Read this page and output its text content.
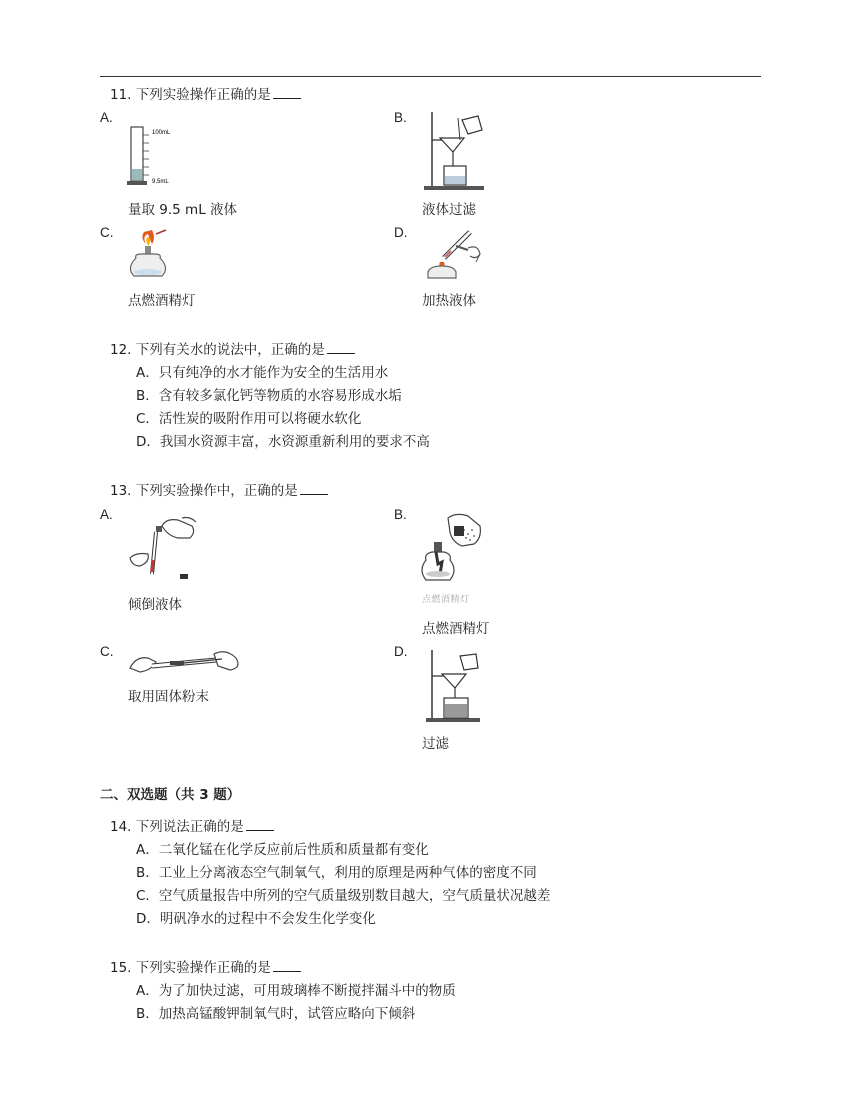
11. 下列实验操作正确的是
A.
100mL
9.5mL
量取 9.5 mL 液体
B.
液体过滤
C.
点燃酒精灯
D.
加热液体
12. 下列有关水的说法中，正确的是
A．只有纯净的水才能作为安全的生活用水
B．含有较多氯化钙等物质的水容易形成水垢
C．活性炭的吸附作用可以将硬水软化
D．我国水资源丰富，水资源重新利用的要求不高
13. 下列实验操作中，正确的是
A.
倾倒液体
B.
点燃酒精灯
点燃酒精灯
C.
取用固体粉末
D.
过滤
二、双选题（共 3 题）
14. 下列说法正确的是
A．二氧化锰在化学反应前后性质和质量都有变化
B．工业上分离液态空气制氧气，利用的原理是两种气体的密度不同
C．空气质量报告中所列的空气质量级别数目越大，空气质量状况越差
D．明矾净水的过程中不会发生化学变化
15. 下列实验操作正确的是
A．为了加快过滤，可用玻璃棒不断搅拌漏斗中的物质
B．加热高锰酸钾制氧气时，试管应略向下倾斜
